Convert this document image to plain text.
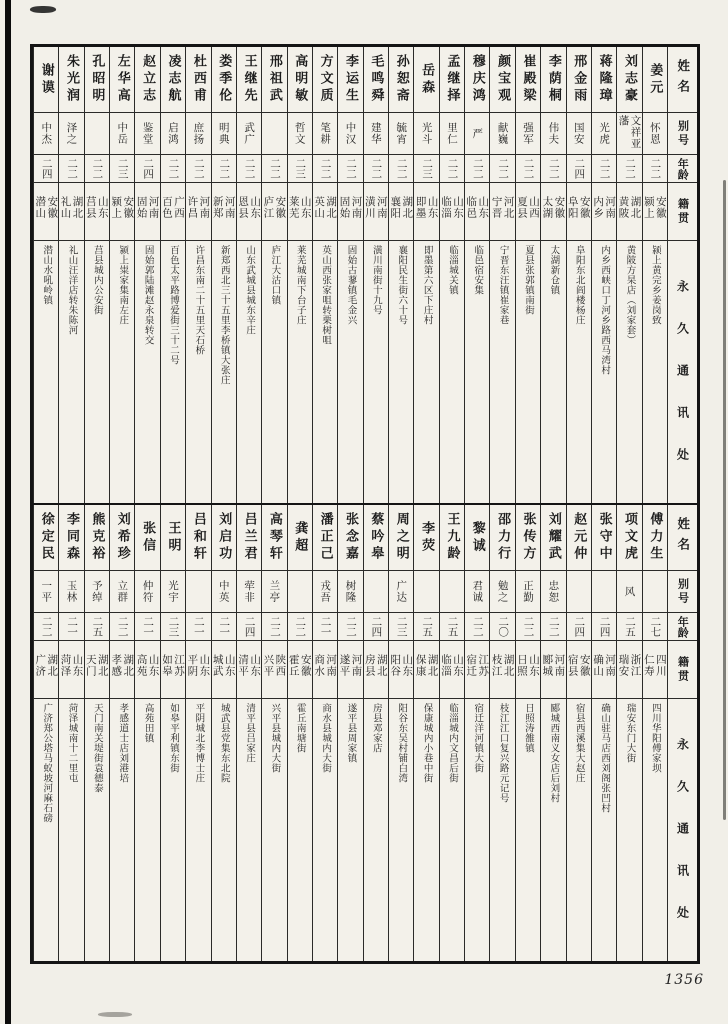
姓名
别号
年龄
籍贯
永久通讯处
姜元
怀恩
二二
安徽颍上
颍上黄完乡姜岗致
刘志豪
文祥亚藩
二二
湖北黄陂
黄陂方杲店（刘家套）
蒋隆璋
光虎
二二
河南内乡
内乡西峡口丁河乡路西马湾村
邢金雨
国安
二四
安徽阜阳
阜阳东北阎楼杨庄
李荫桐
伟夫
二二
安徽太湖
太湖新仓镇
崔殿梁
强军
二二
山西夏县
夏县张郭镇南街
颜宝观
献巍
二二
河北宁晋
宁晋东汪镇崔家巷
穆庆鸿
严
二二
山东临邑
临邑宿安集
孟继择
里仁
二二
山东临淄
临淄城关镇
岳森
光斗
二三
山东即墨
即墨第六区下庄村
孙恕斋
毓宵
二二
湖北襄阳
襄阳民生街六十号
毛鸣舜
建华
二二
河南潢川
潢川南街十九号
李运生
中汉
二二
河南固始
固始古蓼镇毛金兴
方文质
笔耕
二二
湖北英山
英山西张家咀转栗树咀
高明敏
哲文
二三
山东莱芜
莱芜城南下台子庄
邢祖武
二二
安徽庐江
庐江大沽口镇
王继先
武广
二二
山东恩县
山东武城县城东辛庄
娄季伦
明典
二二
河南新郑
新郑西北三十五里李桥镇大张庄
杜西甫
庶扬
二二
河南许昌
许昌东南二十五里天石桥
凌志航
启鸿
二二
广西百色
百色太平路博爱街三十二号
赵立志
鉴堂
二四
河南固始
固始郭陆滩赵永泉转交
左华高
中岳
二三
安徽颍上
颍上粜家集南左庄
孔昭明
二二
山东莒县
莒县城内公安街
朱光润
泽之
二二
湖北礼山
礼山汪洋店转朱陈河
谢谟
中杰
二四
安徽潜山
潜山水吼岭镇
姓名
别号
年龄
籍贯
永久通讯处
傅力生
二七
四川仁寿
四川华阳傅家坝
项文虎
风
二五
浙江瑞安
瑞安东门大街
张守中
二四
河南确山
确山驻马店西刘阁张凹村
赵元仲
二四
安徽宿县
宿县西溪集大赵庄
刘耀武
忠恕
二二
河南郾城
郾城西南义女店后刘村
张传方
正勤
二二
山东日照
日照涛雒镇
邵力行
勉之
二〇
湖北枝江
枝江江口复兴路元记号
黎诚
君诚
二二
江苏宿迁
宿迁洋河镇大街
王九龄
二五
山东临淄
临淄城内文昌后街
李荧
二五
湖北保康
保康城内小巷中街
周之明
广达
二三
山东阳谷
阳谷东吴村铺白湾
蔡吟皋
二四
湖北房县
房县邓家店
张念嘉
树隆
二二
河南遂平
遂平县周家镇
潘正己
戎吾
二一
河南商水
商水县城内大街
龚超
二二
安徽霍丘
霍丘南塘街
高琴轩
兰亭
二二
陕西兴平
兴平县城内大街
吕兰君
荦非
二四
山东清平
清平县吕家庄
刘启功
中英
二一
山东城武
城武县党集东北院
吕和轩
二一
山东平阴
平阴城北李博士庄
王明
光宇
二三
江苏如皋
如皋平利镇东街
张信
仲符
二一
山东高苑
高苑田镇
刘希珍
立群
二二
湖北孝感
孝感道士店刘港培
熊克裕
予绰
二五
湖北天门
天门南关堤街袁德泰
李同森
玉林
二一
山东菏泽
菏泽城南十二里屯
徐定民
一平
二二
湖北广济
广济郑公塔马蚁坡河麻石磅
1356
